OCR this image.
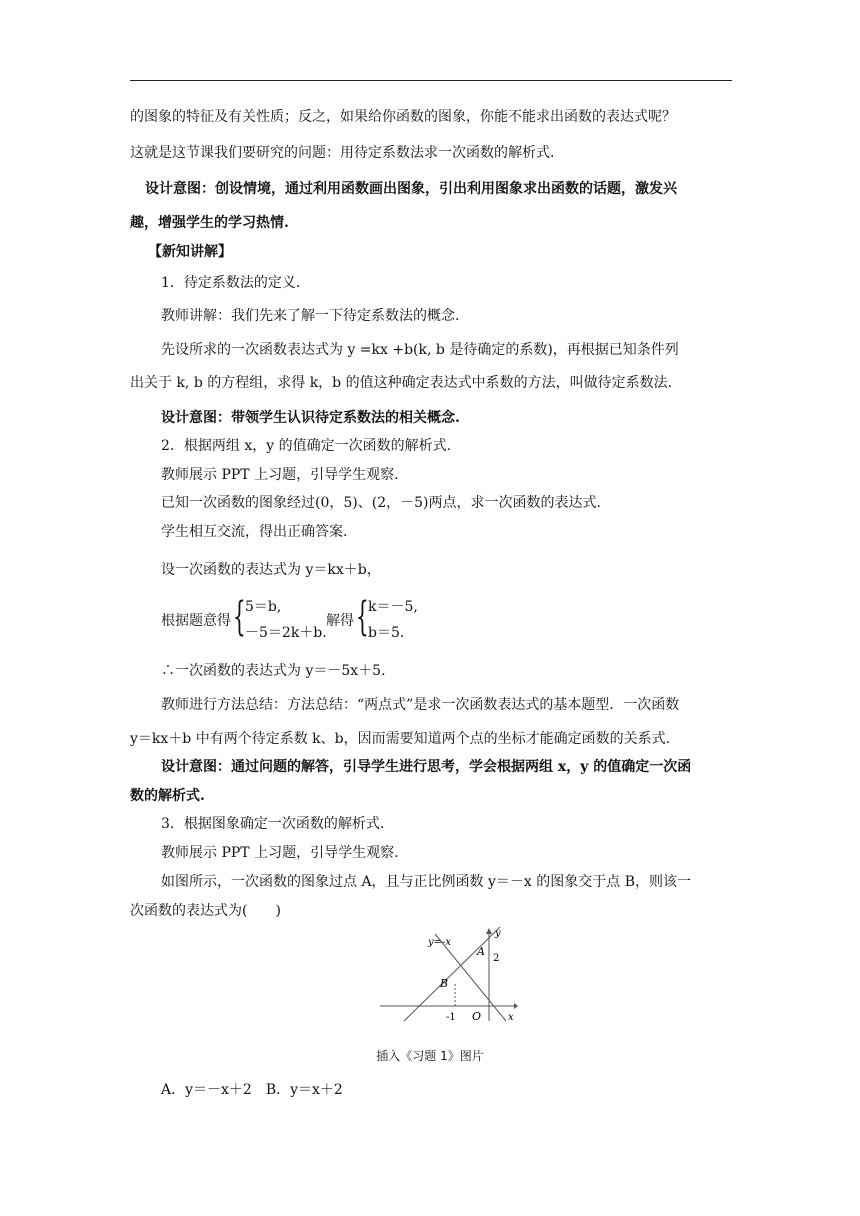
的图象的特征及有关性质；反之，如果给你函数的图象，你能不能求出函数的表达式呢？
这就是这节课我们要研究的问题：用待定系数法求一次函数的解析式.
设计意图：创设情境，通过利用函数画出图象，引出利用图象求出函数的话题，激发兴
趣，增强学生的学习热情.
【新知讲解】
1．待定系数法的定义.
教师讲解：我们先来了解一下待定系数法的概念.
先设所求的一次函数表达式为 y =kx +b(k, b 是待确定的系数)，再根据已知条件列
出关于 k, b 的方程组，求得 k，b 的值这种确定表达式中系数的方法，叫做待定系数法.
设计意图：带领学生认识待定系数法的相关概念.
2．根据两组 x，y 的值确定一次函数的解析式.
教师展示 PPT 上习题，引导学生观察.
已知一次函数的图象经过(0，5)、(2，－5)两点，求一次函数的表达式.
学生相互交流，得出正确答案.
设一次函数的表达式为 y＝kx＋b，
根据题意得 { 5＝b,
－5＝2k＋b.
解得 { k＝－5,
b＝5.
∴一次函数的表达式为 y＝－5x＋5.
教师进行方法总结：方法总结：“两点式”是求一次函数表达式的基本题型．一次函数
y＝kx＋b 中有两个待定系数 k、b，因而需要知道两个点的坐标才能确定函数的关系式.
设计意图：通过问题的解答，引导学生进行思考，学会根据两组 x，y 的值确定一次函
数的解析式.
3．根据图象确定一次函数的解析式.
教师展示 PPT 上习题，引导学生观察.
如图所示，一次函数的图象过点 A，且与正比例函数 y＝－x 的图象交于点 B，则该一
次函数的表达式为(　　)
y=-x
y
x
A
B
O
2
-1
插入《习题 1》图片
A．y＝－x＋2　B．y＝x＋2
